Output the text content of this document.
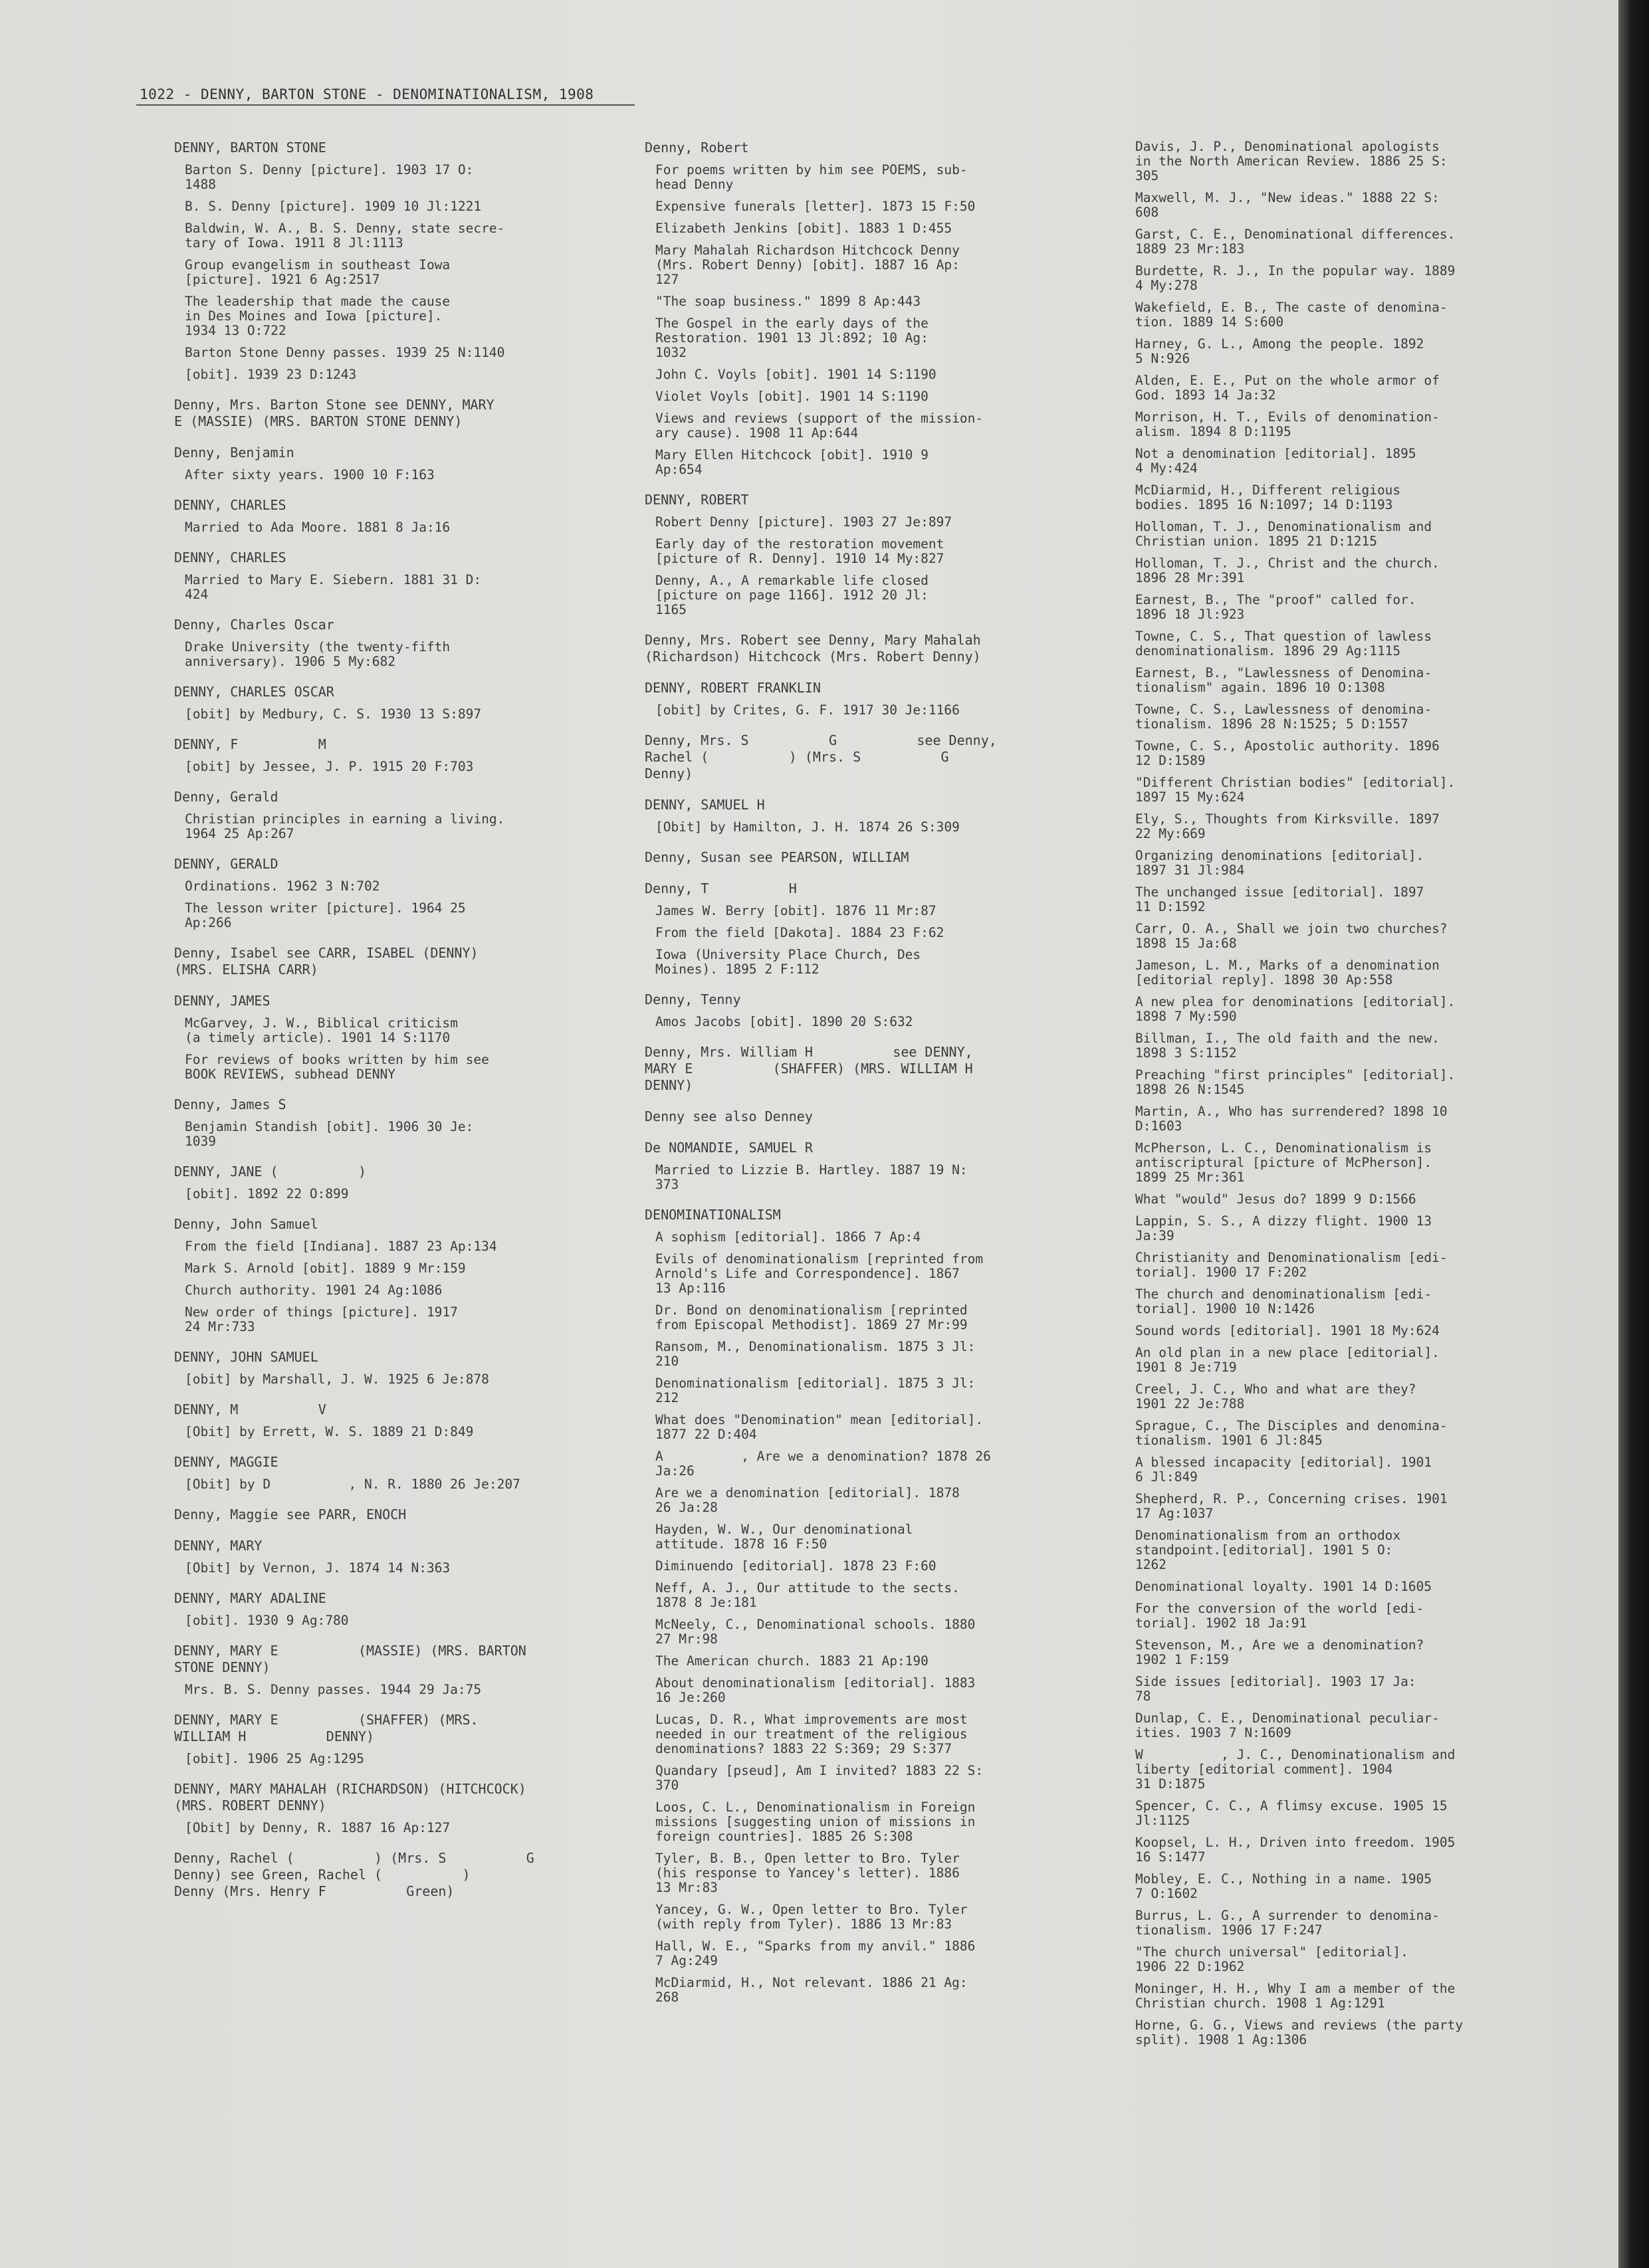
1022 - DENNY, BARTON STONE - DENOMINATIONALISM, 1908
DENNY, BARTON STONE
Barton S. Denny [picture]. 1903 17 O:
1488
B. S. Denny [picture]. 1909 10 Jl:1221
Baldwin, W. A., B. S. Denny, state secre-
tary of Iowa. 1911 8 Jl:1113
Group evangelism in southeast Iowa
[picture]. 1921 6 Ag:2517
The leadership that made the cause
in Des Moines and Iowa [picture].
1934 13 O:722
Barton Stone Denny passes. 1939 25 N:1140
[obit]. 1939 23 D:1243
Denny, Mrs. Barton Stone see DENNY, MARY
E (MASSIE) (MRS. BARTON STONE DENNY)
Denny, Benjamin
After sixty years. 1900 10 F:163
DENNY, CHARLES
Married to Ada Moore. 1881 8 Ja:16
DENNY, CHARLES
Married to Mary E. Siebern. 1881 31 D:
424
Denny, Charles Oscar
Drake University (the twenty-fifth
anniversary). 1906 5 My:682
DENNY, CHARLES OSCAR
[obit] by Medbury, C. S. 1930 13 S:897
DENNY, F          M
[obit] by Jessee, J. P. 1915 20 F:703
Denny, Gerald
Christian principles in earning a living.
1964 25 Ap:267
DENNY, GERALD
Ordinations. 1962 3 N:702
The lesson writer [picture]. 1964 25
Ap:266
Denny, Isabel see CARR, ISABEL (DENNY)
(MRS. ELISHA CARR)
DENNY, JAMES
McGarvey, J. W., Biblical criticism
(a timely article). 1901 14 S:1170
For reviews of books written by him see
BOOK REVIEWS, subhead DENNY
Denny, James S
Benjamin Standish [obit]. 1906 30 Je:
1039
DENNY, JANE (          )
[obit]. 1892 22 O:899
Denny, John Samuel
From the field [Indiana]. 1887 23 Ap:134
Mark S. Arnold [obit]. 1889 9 Mr:159
Church authority. 1901 24 Ag:1086
New order of things [picture]. 1917
24 Mr:733
DENNY, JOHN SAMUEL
[obit] by Marshall, J. W. 1925 6 Je:878
DENNY, M          V
[Obit] by Errett, W. S. 1889 21 D:849
DENNY, MAGGIE
[Obit] by D          , N. R. 1880 26 Je:207
Denny, Maggie see PARR, ENOCH
DENNY, MARY
[Obit] by Vernon, J. 1874 14 N:363
DENNY, MARY ADALINE
[obit]. 1930 9 Ag:780
DENNY, MARY E          (MASSIE) (MRS. BARTON
STONE DENNY)
Mrs. B. S. Denny passes. 1944 29 Ja:75
DENNY, MARY E          (SHAFFER) (MRS.
WILLIAM H          DENNY)
[obit]. 1906 25 Ag:1295
DENNY, MARY MAHALAH (RICHARDSON) (HITCHCOCK)
(MRS. ROBERT DENNY)
[Obit] by Denny, R. 1887 16 Ap:127
Denny, Rachel (          ) (Mrs. S          G
Denny) see Green, Rachel (          )
Denny (Mrs. Henry F          Green)
Denny, Robert
For poems written by him see POEMS, sub-
head Denny
Expensive funerals [letter]. 1873 15 F:50
Elizabeth Jenkins [obit]. 1883 1 D:455
Mary Mahalah Richardson Hitchcock Denny
(Mrs. Robert Denny) [obit]. 1887 16 Ap:
127
"The soap business." 1899 8 Ap:443
The Gospel in the early days of the
Restoration. 1901 13 Jl:892; 10 Ag:
1032
John C. Voyls [obit]. 1901 14 S:1190
Violet Voyls [obit]. 1901 14 S:1190
Views and reviews (support of the mission-
ary cause). 1908 11 Ap:644
Mary Ellen Hitchcock [obit]. 1910 9
Ap:654
DENNY, ROBERT
Robert Denny [picture]. 1903 27 Je:897
Early day of the restoration movement
[picture of R. Denny]. 1910 14 My:827
Denny, A., A remarkable life closed
[picture on page 1166]. 1912 20 Jl:
1165
Denny, Mrs. Robert see Denny, Mary Mahalah
(Richardson) Hitchcock (Mrs. Robert Denny)
DENNY, ROBERT FRANKLIN
[obit] by Crites, G. F. 1917 30 Je:1166
Denny, Mrs. S          G          see Denny,
Rachel (          ) (Mrs. S          G
Denny)
DENNY, SAMUEL H
[Obit] by Hamilton, J. H. 1874 26 S:309
Denny, Susan see PEARSON, WILLIAM
Denny, T          H
James W. Berry [obit]. 1876 11 Mr:87
From the field [Dakota]. 1884 23 F:62
Iowa (University Place Church, Des
Moines). 1895 2 F:112
Denny, Tenny
Amos Jacobs [obit]. 1890 20 S:632
Denny, Mrs. William H          see DENNY,
MARY E          (SHAFFER) (MRS. WILLIAM H
DENNY)
Denny see also Denney
De NOMANDIE, SAMUEL R
Married to Lizzie B. Hartley. 1887 19 N:
373
DENOMINATIONALISM
A sophism [editorial]. 1866 7 Ap:4
Evils of denominationalism [reprinted from
Arnold's Life and Correspondence]. 1867
13 Ap:116
Dr. Bond on denominationalism [reprinted
from Episcopal Methodist]. 1869 27 Mr:99
Ransom, M., Denominationalism. 1875 3 Jl:
210
Denominationalism [editorial]. 1875 3 Jl:
212
What does "Denomination" mean [editorial].
1877 22 D:404
A          , Are we a denomination? 1878 26
Ja:26
Are we a denomination [editorial]. 1878
26 Ja:28
Hayden, W. W., Our denominational
attitude. 1878 16 F:50
Diminuendo [editorial]. 1878 23 F:60
Neff, A. J., Our attitude to the sects.
1878 8 Je:181
McNeely, C., Denominational schools. 1880
27 Mr:98
The American church. 1883 21 Ap:190
About denominationalism [editorial]. 1883
16 Je:260
Lucas, D. R., What improvements are most
needed in our treatment of the religious
denominations? 1883 22 S:369; 29 S:377
Quandary [pseud], Am I invited? 1883 22 S:
370
Loos, C. L., Denominationalism in Foreign
missions [suggesting union of missions in
foreign countries]. 1885 26 S:308
Tyler, B. B., Open letter to Bro. Tyler
(his response to Yancey's letter). 1886
13 Mr:83
Yancey, G. W., Open letter to Bro. Tyler
(with reply from Tyler). 1886 13 Mr:83
Hall, W. E., "Sparks from my anvil." 1886
7 Ag:249
McDiarmid, H., Not relevant. 1886 21 Ag:
268
Davis, J. P., Denominational apologists
in the North American Review. 1886 25 S:
305
Maxwell, M. J., "New ideas." 1888 22 S:
608
Garst, C. E., Denominational differences.
1889 23 Mr:183
Burdette, R. J., In the popular way. 1889
4 My:278
Wakefield, E. B., The caste of denomina-
tion. 1889 14 S:600
Harney, G. L., Among the people. 1892
5 N:926
Alden, E. E., Put on the whole armor of
God. 1893 14 Ja:32
Morrison, H. T., Evils of denomination-
alism. 1894 8 D:1195
Not a denomination [editorial]. 1895
4 My:424
McDiarmid, H., Different religious
bodies. 1895 16 N:1097; 14 D:1193
Holloman, T. J., Denominationalism and
Christian union. 1895 21 D:1215
Holloman, T. J., Christ and the church.
1896 28 Mr:391
Earnest, B., The "proof" called for.
1896 18 Jl:923
Towne, C. S., That question of lawless
denominationalism. 1896 29 Ag:1115
Earnest, B., "Lawlessness of Denomina-
tionalism" again. 1896 10 O:1308
Towne, C. S., Lawlessness of denomina-
tionalism. 1896 28 N:1525; 5 D:1557
Towne, C. S., Apostolic authority. 1896
12 D:1589
"Different Christian bodies" [editorial].
1897 15 My:624
Ely, S., Thoughts from Kirksville. 1897
22 My:669
Organizing denominations [editorial].
1897 31 Jl:984
The unchanged issue [editorial]. 1897
11 D:1592
Carr, O. A., Shall we join two churches?
1898 15 Ja:68
Jameson, L. M., Marks of a denomination
[editorial reply]. 1898 30 Ap:558
A new plea for denominations [editorial].
1898 7 My:590
Billman, I., The old faith and the new.
1898 3 S:1152
Preaching "first principles" [editorial].
1898 26 N:1545
Martin, A., Who has surrendered? 1898 10
D:1603
McPherson, L. C., Denominationalism is
antiscriptural [picture of McPherson].
1899 25 Mr:361
What "would" Jesus do? 1899 9 D:1566
Lappin, S. S., A dizzy flight. 1900 13
Ja:39
Christianity and Denominationalism [edi-
torial]. 1900 17 F:202
The church and denominationalism [edi-
torial]. 1900 10 N:1426
Sound words [editorial]. 1901 18 My:624
An old plan in a new place [editorial].
1901 8 Je:719
Creel, J. C., Who and what are they?
1901 22 Je:788
Sprague, C., The Disciples and denomina-
tionalism. 1901 6 Jl:845
A blessed incapacity [editorial]. 1901
6 Jl:849
Shepherd, R. P., Concerning crises. 1901
17 Ag:1037
Denominationalism from an orthodox
standpoint.[editorial]. 1901 5 O:
1262
Denominational loyalty. 1901 14 D:1605
For the conversion of the world [edi-
torial]. 1902 18 Ja:91
Stevenson, M., Are we a denomination?
1902 1 F:159
Side issues [editorial]. 1903 17 Ja:
78
Dunlap, C. E., Denominational peculiar-
ities. 1903 7 N:1609
W          , J. C., Denominationalism and
liberty [editorial comment]. 1904
31 D:1875
Spencer, C. C., A flimsy excuse. 1905 15
Jl:1125
Koopsel, L. H., Driven into freedom. 1905
16 S:1477
Mobley, E. C., Nothing in a name. 1905
7 O:1602
Burrus, L. G., A surrender to denomina-
tionalism. 1906 17 F:247
"The church universal" [editorial].
1906 22 D:1962
Moninger, H. H., Why I am a member of the
Christian church. 1908 1 Ag:1291
Horne, G. G., Views and reviews (the party
split). 1908 1 Ag:1306
